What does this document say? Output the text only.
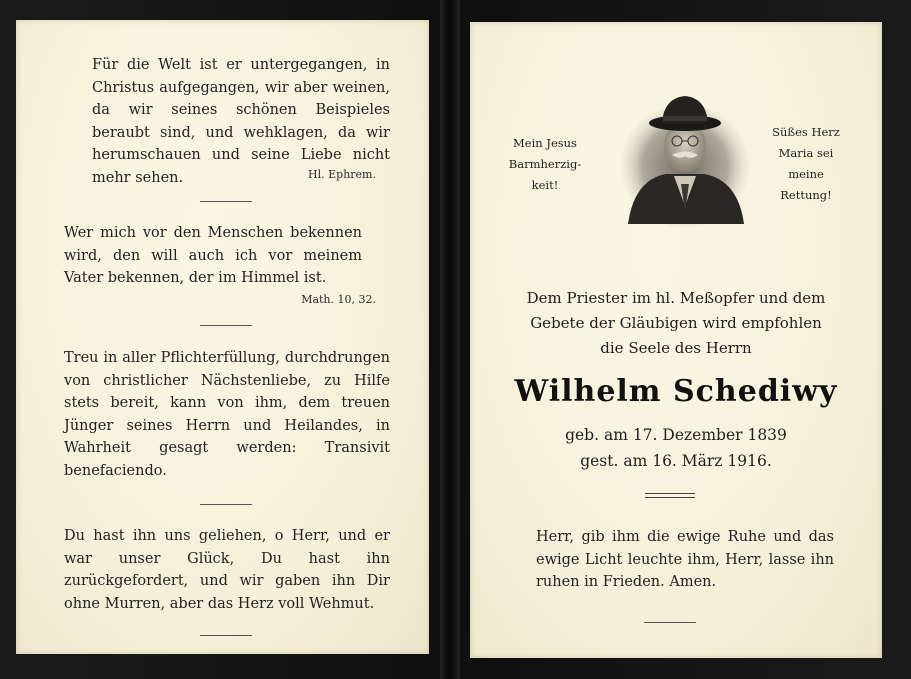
Für die Welt ist er untergegangen, in Christus aufgegangen, wir aber weinen, da wir seines schönen Beispieles beraubt sind, und wehklagen, da wir herumschauen und seine Liebe nicht mehr sehen.	Hl. Ephrem.

Wer mich vor den Menschen bekennen wird, den will auch ich vor meinem Vater bekennen, der im Himmel ist.

Math. 10, 32.

Treu in aller Pflichterfüllung, durchdrungen von christlicher Nächstenliebe, zu Hilfe stets bereit, kann von ihm, dem treuen Jünger seines Herrn und Heilandes, in Wahrheit gesagt werden: Transivit benefaciendo.

Du hast ihn uns geliehen, o Herr, und er war unser Glück, Du hast ihn zurückgefordert, und wir gaben ihn Dir ohne Murren, aber das Herz voll Wehmut.

Mein Jesus
Barmherzig-
keit!

Süßes Herz
Maria sei
meine
Rettung!

Dem Priester im hl. Meßopfer und dem
Gebete der Gläubigen wird empfohlen
die Seele des Herrn

Wilhelm Schediwy

geb. am 17. Dezember 1839

gest. am 16. März 1916.

Herr, gib ihm die ewige Ruhe und das ewige Licht leuchte ihm, Herr, lasse ihn ruhen in Frieden. Amen.
